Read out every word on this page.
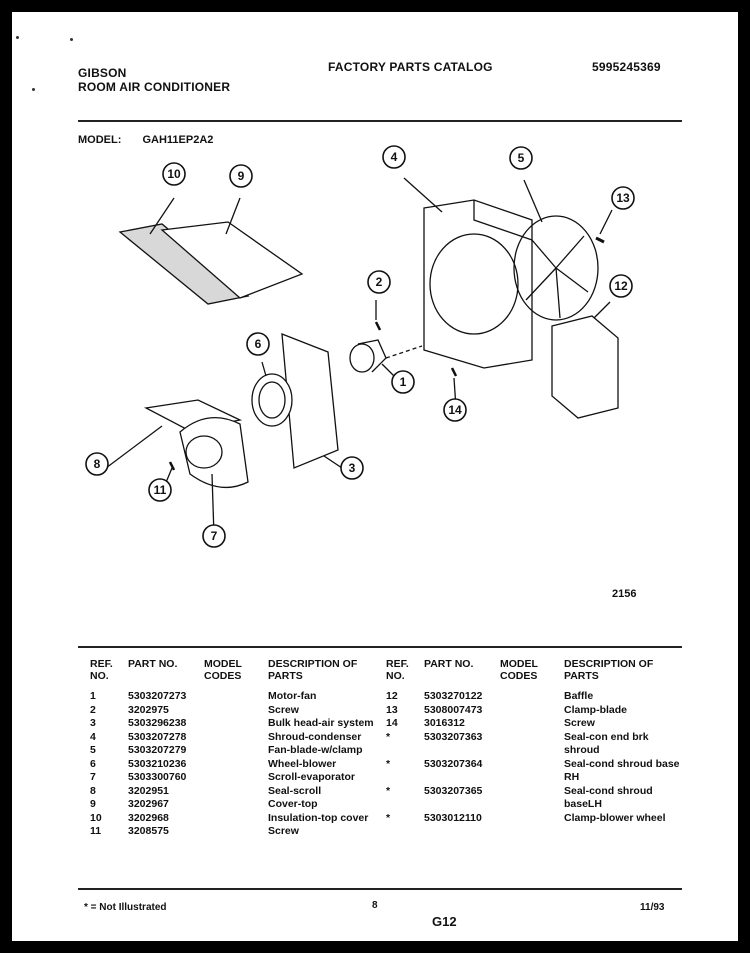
GIBSON
ROOM AIR CONDITIONER
FACTORY PARTS CATALOG	5995245369
MODEL: GAH11EP2A2
1
2
3
4	5
6
7
8
9
10
11
12
13
14
2156
REF. NO.	PART NO.	MODEL CODES	DESCRIPTION OF PARTS
1	5303207273		Motor-fan
2	3202975		Screw
3	5303296238		Bulk head-air system
4	5303207278		Shroud-condenser
5	5303207279		Fan-blade-w/clamp
6	5303210236		Wheel-blower
7	5303300760		Scroll-evaporator
8	3202951		Seal-scroll
9	3202967		Cover-top
10	3202968		Insulation-top cover
11	3208575		Screw
REF. NO.	PART NO.	MODEL CODES	DESCRIPTION OF PARTS
12	5303270122		Baffle
13	5308007473		Clamp-blade
14	3016312		Screw
*	5303207363		Seal-con end brk shroud
*	5303207364		Seal-cond shroud base RH
*	5303207365		Seal-cond shroud baseLH
*	5303012110		Clamp-blower wheel
* = Not Illustrated	8
G12
11/93
